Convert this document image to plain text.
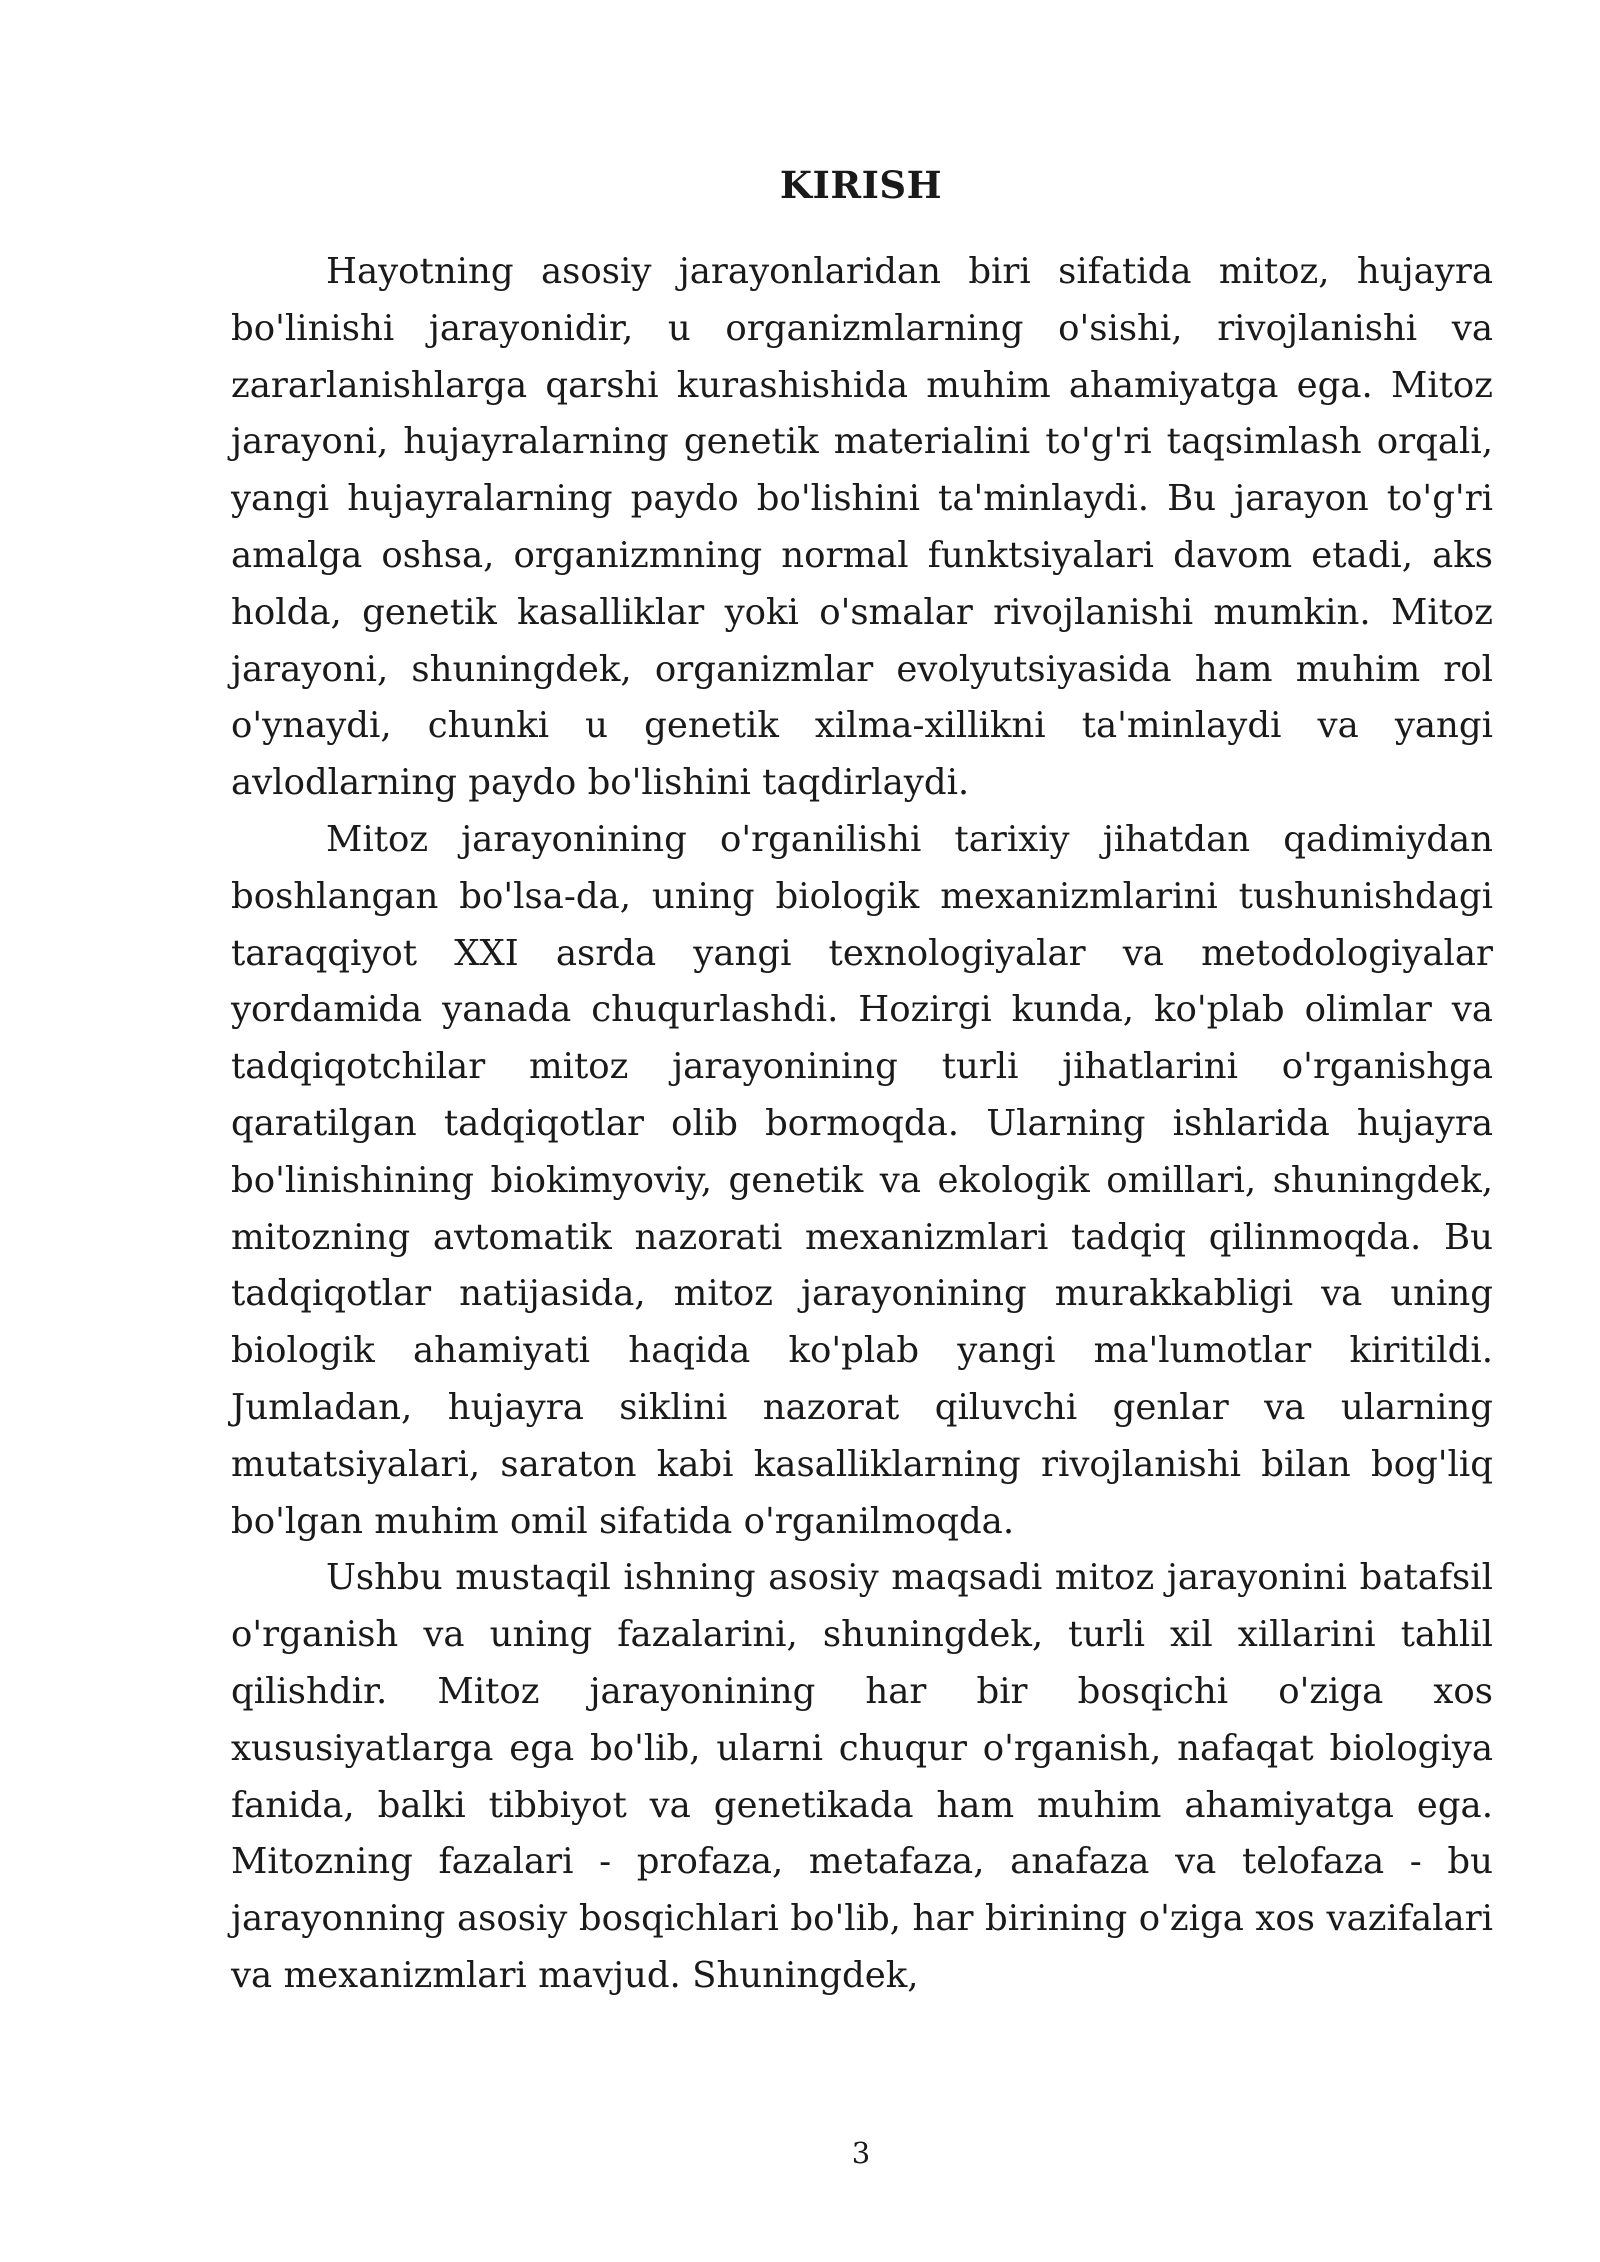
KIRISH

Hayotning asosiy jarayonlaridan biri sifatida mitoz, hujayra bo'linishi jarayonidir, u organizmlarning o'sishi, rivojlanishi va zararlanishlarga qarshi kurashishida muhim ahamiyatga ega. Mitoz jarayoni, hujayralarning genetik materialini to'g'ri taqsimlash orqali, yangi hujayralarning paydo bo'lishini ta'minlaydi. Bu jarayon to'g'ri amalga oshsa, organizmning normal funktsiyalari davom etadi, aks holda, genetik kasalliklar yoki o'smalar rivojlanishi mumkin. Mitoz jarayoni, shuningdek, organizmlar evolyutsiyasida ham muhim rol o'ynaydi, chunki u genetik xilma-xillikni ta'minlaydi va yangi avlodlarning paydo bo'lishini taqdirlaydi.

Mitoz jarayonining o'rganilishi tarixiy jihatdan qadimiydan boshlangan bo'lsa-da, uning biologik mexanizmlarini tushunishdagi taraqqiyot XXI asrda yangi texnologiyalar va metodologiyalar yordamida yanada chuqurlashdi. Hozirgi kunda, ko'plab olimlar va tadqiqotchilar mitoz jarayonining turli jihatlarini o'rganishga qaratilgan tadqiqotlar olib bormoqda. Ularning ishlarida hujayra bo'linishining biokimyoviy, genetik va ekologik omillari, shuningdek, mitozning avtomatik nazorati mexanizmlari tadqiq qilinmoqda. Bu tadqiqotlar natijasida, mitoz jarayonining murakkabligi va uning biologik ahamiyati haqida ko'plab yangi ma'lumotlar kiritildi. Jumladan, hujayra siklini nazorat qiluvchi genlar va ularning mutatsiyalari, saraton kabi kasalliklarning rivojlanishi bilan bog'liq bo'lgan muhim omil sifatida o'rganilmoqda.

Ushbu mustaqil ishning asosiy maqsadi mitoz jarayonini batafsil o'rganish va uning fazalarini, shuningdek, turli xil xillarini tahlil qilishdir. Mitoz jarayonining har bir bosqichi o'ziga xos xususiyatlarga ega bo'lib, ularni chuqur o'rganish, nafaqat biologiya fanida, balki tibbiyot va genetikada ham muhim ahamiyatga ega. Mitozning fazalari - profaza, metafaza, anafaza va telofaza - bu jarayonning asosiy bosqichlari bo'lib, har birining o'ziga xos vazifalari va mexanizmlari mavjud. Shuningdek,

3
